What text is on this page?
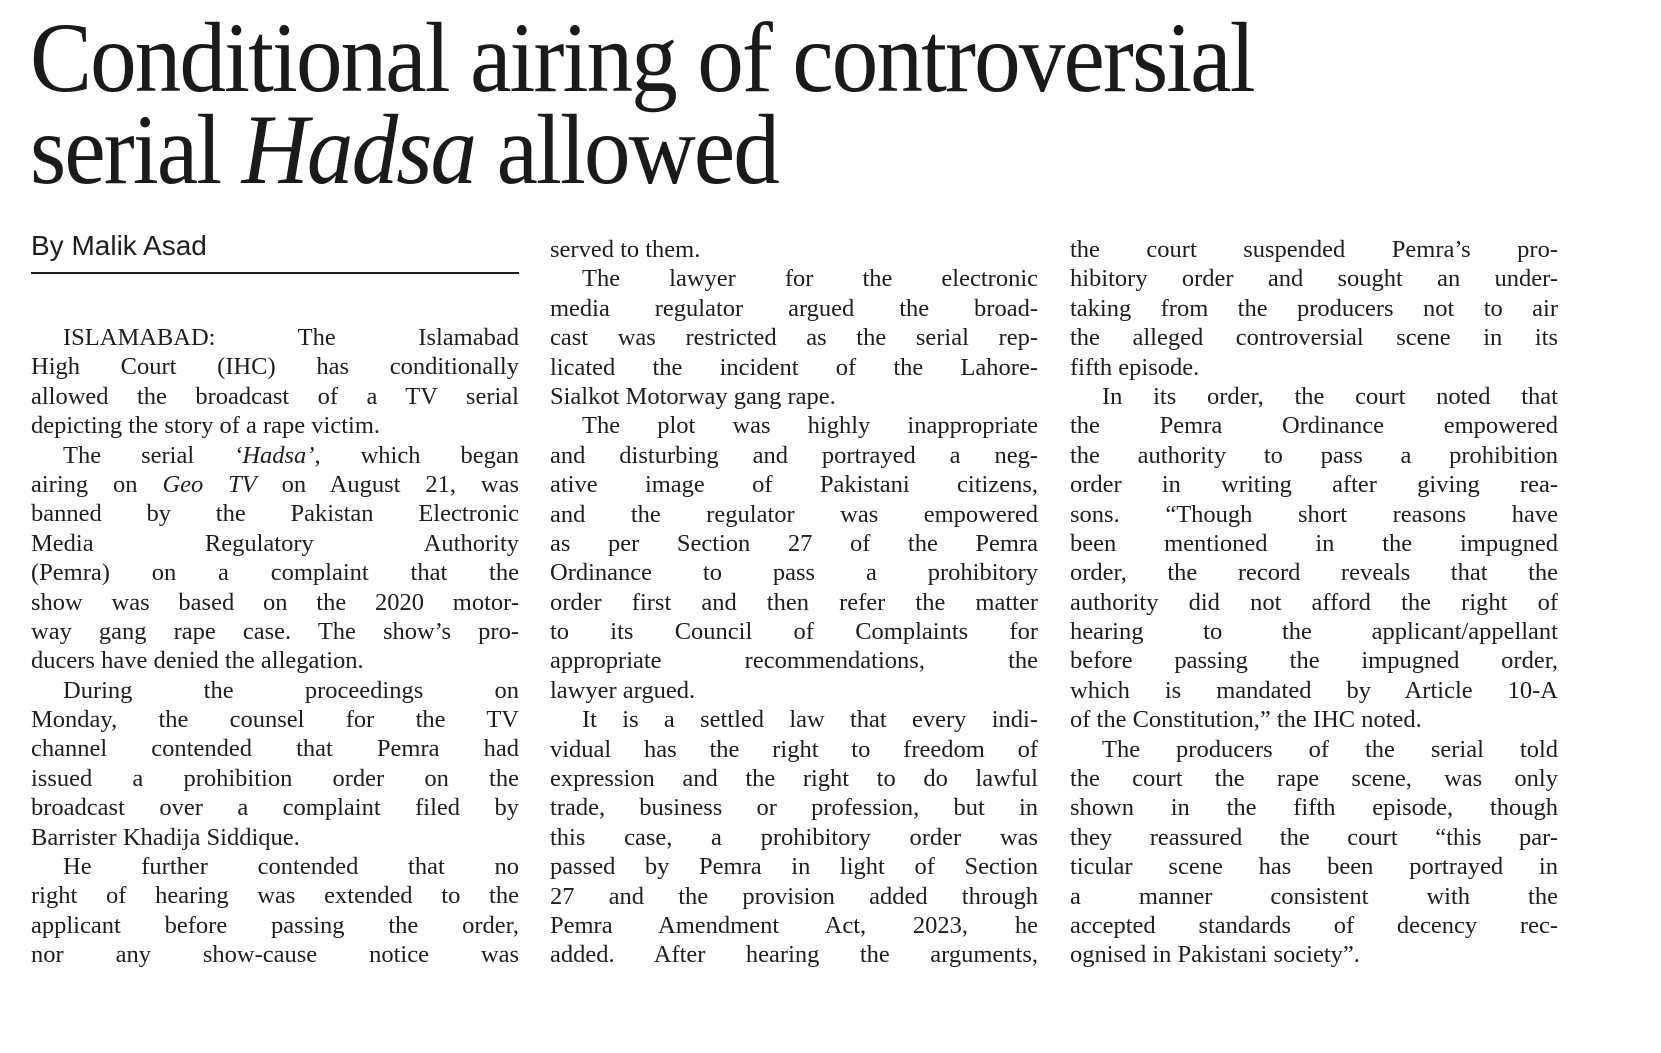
Conditional airing of controversial
serial Hadsa allowed
By Malik Asad
ISLAMABAD: The Islamabad
High Court (IHC) has conditionally
allowed the broadcast of a TV serial
depicting the story of a rape victim.
The serial ‘Hadsa’, which began
airing on Geo TV on August 21, was
banned by the Pakistan Electronic
Media Regulatory Authority
(Pemra) on a complaint that the
show was based on the 2020 motor-
way gang rape case. The show’s pro-
ducers have denied the allegation.
During the proceedings on
Monday, the counsel for the TV
channel contended that Pemra had
issued a prohibition order on the
broadcast over a complaint filed by
Barrister Khadija Siddique.
He further contended that no
right of hearing was extended to the
applicant before passing the order,
nor any show-cause notice was
served to them.
The lawyer for the electronic
media regulator argued the broad-
cast was restricted as the serial rep-
licated the incident of the Lahore-
Sialkot Motorway gang rape.
The plot was highly inappropriate
and disturbing and portrayed a neg-
ative image of Pakistani citizens,
and the regulator was empowered
as per Section 27 of the Pemra
Ordinance to pass a prohibitory
order first and then refer the matter
to its Council of Complaints for
appropriate recommendations, the
lawyer argued.
It is a settled law that every indi-
vidual has the right to freedom of
expression and the right to do lawful
trade, business or profession, but in
this case, a prohibitory order was
passed by Pemra in light of Section
27 and the provision added through
Pemra Amendment Act, 2023, he
added. After hearing the arguments,
the court suspended Pemra’s pro-
hibitory order and sought an under-
taking from the producers not to air
the alleged controversial scene in its
fifth episode.
In its order, the court noted that
the Pemra Ordinance empowered
the authority to pass a prohibition
order in writing after giving rea-
sons. “Though short reasons have
been mentioned in the impugned
order, the record reveals that the
authority did not afford the right of
hearing to the applicant/appellant
before passing the impugned order,
which is mandated by Article 10-A
of the Constitution,” the IHC noted.
The producers of the serial told
the court the rape scene, was only
shown in the fifth episode, though
they reassured the court “this par-
ticular scene has been portrayed in
a manner consistent with the
accepted standards of decency rec-
ognised in Pakistani society”.
